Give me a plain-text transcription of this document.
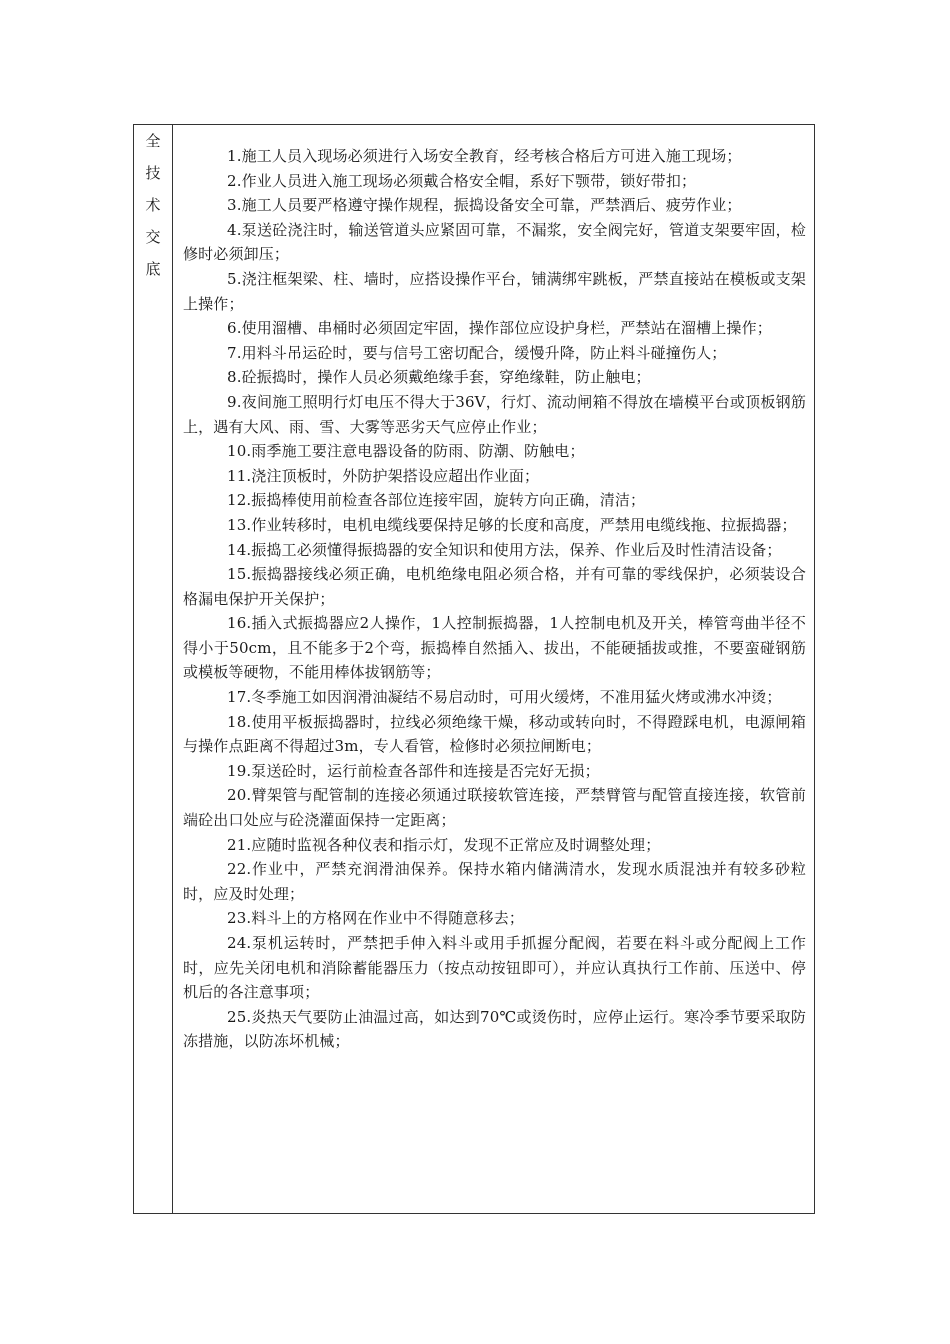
全
技
术
交
底

1.施工人员入现场必须进行入场安全教育，经考核合格后方可进入施工现场；

2.作业人员进入施工现场必须戴合格安全帽，系好下颚带，锁好带扣；

3.施工人员要严格遵守操作规程，振捣设备安全可靠，严禁酒后、疲劳作业；

4.泵送砼浇注时，输送管道头应紧固可靠，不漏浆，安全阀完好，管道支架要牢固，检修时必须卸压；

5.浇注框架梁、柱、墙时，应搭设操作平台，铺满绑牢跳板，严禁直接站在模板或支架上操作；

6.使用溜槽、串桶时必须固定牢固，操作部位应设护身栏，严禁站在溜槽上操作；

7.用料斗吊运砼时，要与信号工密切配合，缓慢升降，防止料斗碰撞伤人；

8.砼振捣时，操作人员必须戴绝缘手套，穿绝缘鞋，防止触电；

9.夜间施工照明行灯电压不得大于36V，行灯、流动闸箱不得放在墙模平台或顶板钢筋上，遇有大风、雨、雪、大雾等恶劣天气应停止作业；

10.雨季施工要注意电器设备的防雨、防潮、防触电；

11.浇注顶板时，外防护架搭设应超出作业面；

12.振捣棒使用前检查各部位连接牢固，旋转方向正确，清洁；

13.作业转移时，电机电缆线要保持足够的长度和高度，严禁用电缆线拖、拉振捣器；

14.振捣工必须懂得振捣器的安全知识和使用方法，保养、作业后及时性清洁设备；

15.振捣器接线必须正确，电机绝缘电阻必须合格，并有可靠的零线保护，必须装设合格漏电保护开关保护；

16.插入式振捣器应2人操作，1人控制振捣器，1人控制电机及开关，棒管弯曲半径不得小于50cm，且不能多于2个弯，振捣棒自然插入、拔出，不能硬插拔或推，不要蛮碰钢筋或模板等硬物，不能用棒体拔钢筋等；

17.冬季施工如因润滑油凝结不易启动时，可用火缓烤，不准用猛火烤或沸水冲烫；

18.使用平板振捣器时，拉线必须绝缘干燥，移动或转向时，不得蹬踩电机，电源闸箱与操作点距离不得超过3m，专人看管，检修时必须拉闸断电；

19.泵送砼时，运行前检查各部件和连接是否完好无损；

20.臂架管与配管制的连接必须通过联接软管连接，严禁臂管与配管直接连接，软管前端砼出口处应与砼浇灌面保持一定距离；

21.应随时监视各种仪表和指示灯，发现不正常应及时调整处理；

22.作业中，严禁充润滑油保养。保持水箱内储满清水，发现水质混浊并有较多砂粒时，应及时处理；

23.料斗上的方格网在作业中不得随意移去；

24.泵机运转时，严禁把手伸入料斗或用手抓握分配阀，若要在料斗或分配阀上工作时，应先关闭电机和消除蓄能器压力（按点动按钮即可），并应认真执行工作前、压送中、停机后的各注意事项；

25.炎热天气要防止油温过高，如达到70℃或烫伤时，应停止运行。寒冷季节要采取防冻措施，以防冻坏机械；
